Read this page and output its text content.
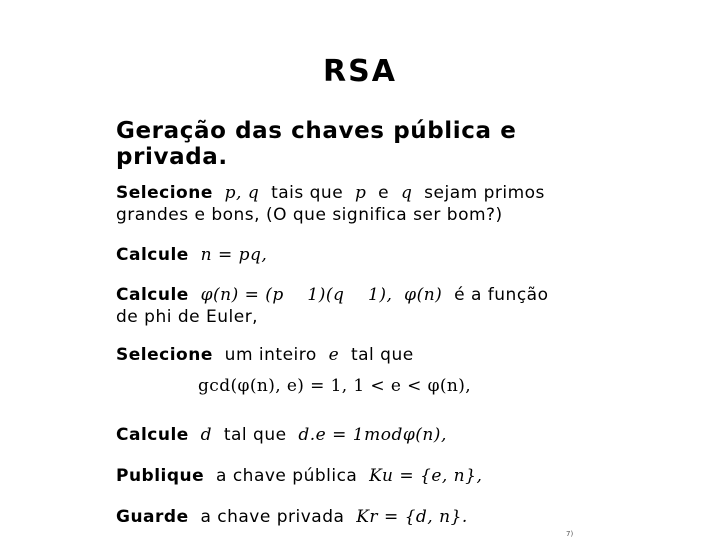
RSA
Geração das chaves pública e privada.
Selecione p, q tais que p e q sejam primos
grandes e bons, (O que significa ser bom?)
Calcule n = pq,
Calcule φ(n) = (p    1)(q    1), φ(n) é a função
de phi de Euler,
Selecione um inteiro e tal que
gcd(φ(n), e) = 1, 1 < e < φ(n),
Calcule d tal que d.e = 1modφ(n),
Publique a chave pública Ku = {e, n},
Guarde a chave privada Kr = {d, n}.
7)
